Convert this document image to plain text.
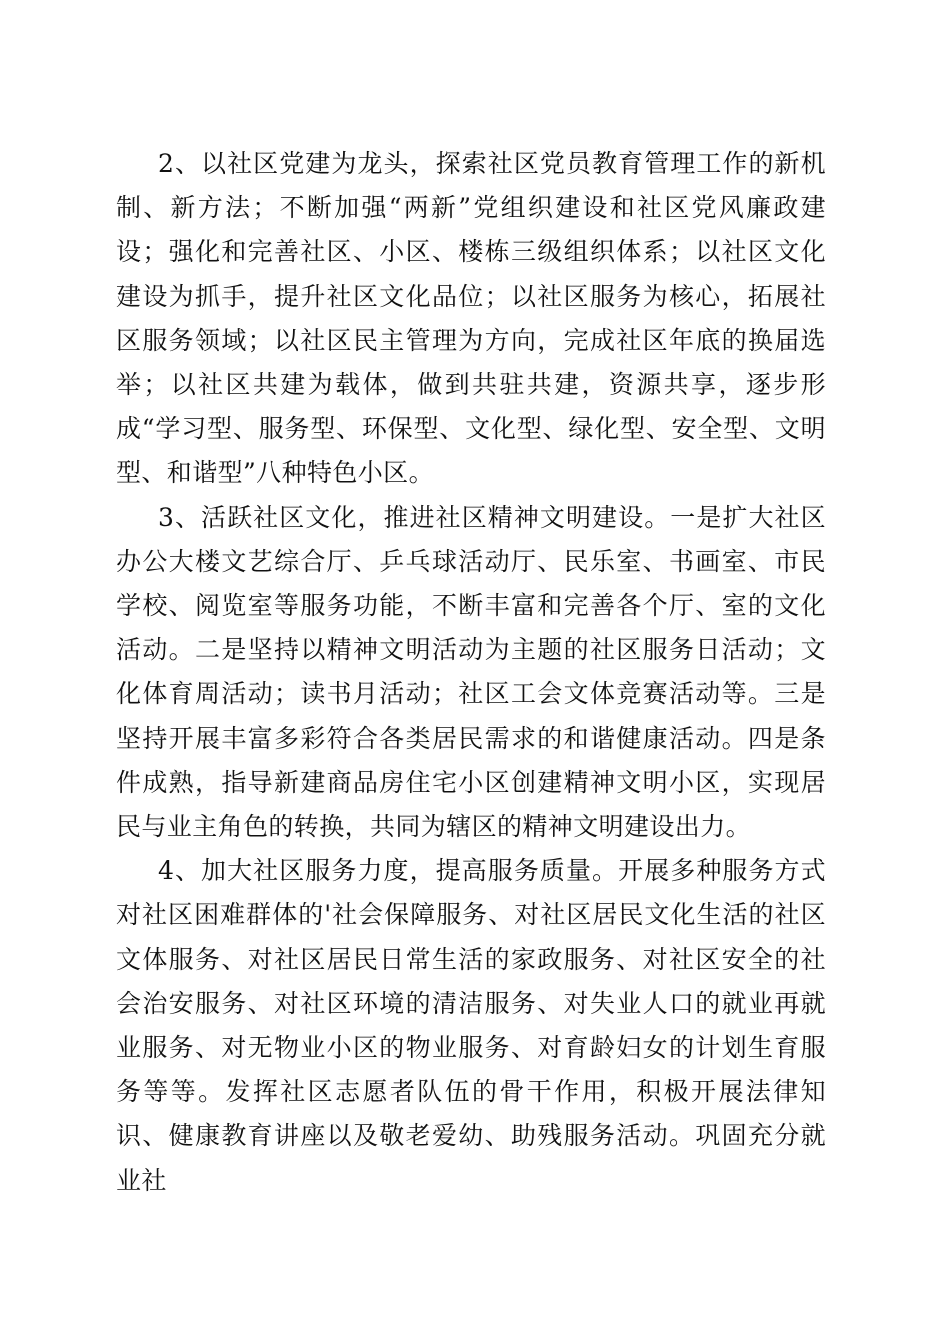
2、以社区党建为龙头，探索社区党员教育管理工作的新机制、新方法；不断加强“两新”党组织建设和社区党风廉政建设；强化和完善社区、小区、楼栋三级组织体系；以社区文化建设为抓手，提升社区文化品位；以社区服务为核心，拓展社区服务领域；以社区民主管理为方向，完成社区年底的换届选举；以社区共建为载体，做到共驻共建，资源共享，逐步形成“学习型、服务型、环保型、文化型、绿化型、安全型、文明型、和谐型”八种特色小区。

3、活跃社区文化，推进社区精神文明建设。一是扩大社区办公大楼文艺综合厅、乒乓球活动厅、民乐室、书画室、市民学校、阅览室等服务功能，不断丰富和完善各个厅、室的文化活动。二是坚持以精神文明活动为主题的社区服务日活动；文化体育周活动；读书月活动；社区工会文体竞赛活动等。三是坚持开展丰富多彩符合各类居民需求的和谐健康活动。四是条件成熟，指导新建商品房住宅小区创建精神文明小区，实现居民与业主角色的转换，共同为辖区的精神文明建设出力。

4、加大社区服务力度，提高服务质量。开展多种服务方式对社区困难群体的'社会保障服务、对社区居民文化生活的社区文体服务、对社区居民日常生活的家政服务、对社区安全的社会治安服务、对社区环境的清洁服务、对失业人口的就业再就业服务、对无物业小区的物业服务、对育龄妇女的计划生育服务等等。发挥社区志愿者队伍的骨干作用，积极开展法律知识、健康教育讲座以及敬老爱幼、助残服务活动。巩固充分就业社
